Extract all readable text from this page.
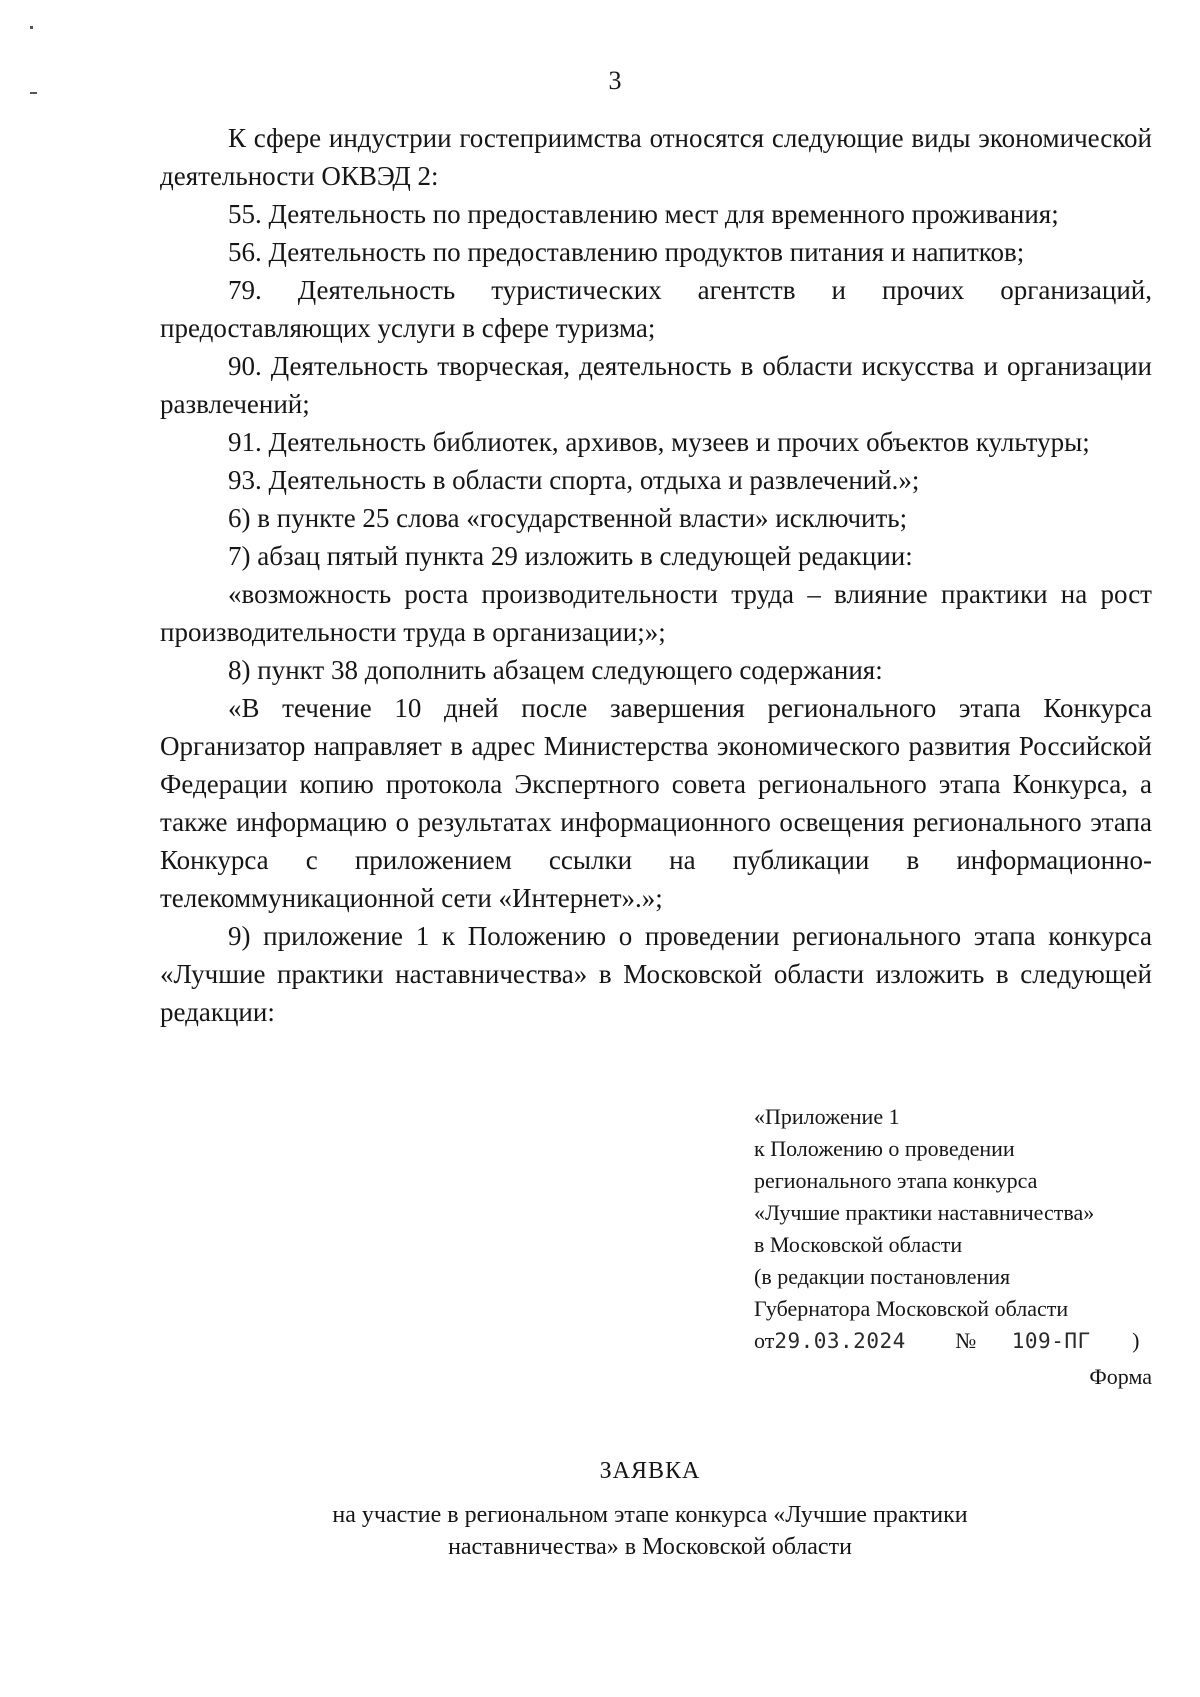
3

К сфере индустрии гостеприимства относятся следующие виды экономической деятельности ОКВЭД 2:

55. Деятельность по предоставлению мест для временного проживания;

56. Деятельность по предоставлению продуктов питания и напитков;

79. Деятельность туристических агентств и прочих организаций, предоставляющих услуги в сфере туризма;

90. Деятельность творческая, деятельность в области искусства и организации развлечений;

91. Деятельность библиотек, архивов, музеев и прочих объектов культуры;

93. Деятельность в области спорта, отдыха и развлечений.»;

6) в пункте 25 слова «государственной власти» исключить;

7) абзац пятый пункта 29 изложить в следующей редакции:

«возможность роста производительности труда – влияние практики на рост производительности труда в организации;»;

8) пункт 38 дополнить абзацем следующего содержания:

«В течение 10 дней после завершения регионального этапа Конкурса Организатор направляет в адрес Министерства экономического развития Российской Федерации копию протокола Экспертного совета регионального этапа Конкурса, а также информацию о результатах информационного освещения регионального этапа Конкурса с приложением ссылки на публикации в информационно-телекоммуникационной сети «Интернет».»;

9) приложение 1 к Положению о проведении регионального этапа конкурса «Лучшие практики наставничества» в Московской области изложить в следующей редакции:

«Приложение 1
к Положению о проведении
регионального этапа конкурса
«Лучшие практики наставничества»
в Московской области
(в редакции постановления
Губернатора Московской области
от29.03.2024 № 109-ПГ )
Форма
ЗАЯВКА
на участие в региональном этапе конкурса «Лучшие практики
наставничества» в Московской области
